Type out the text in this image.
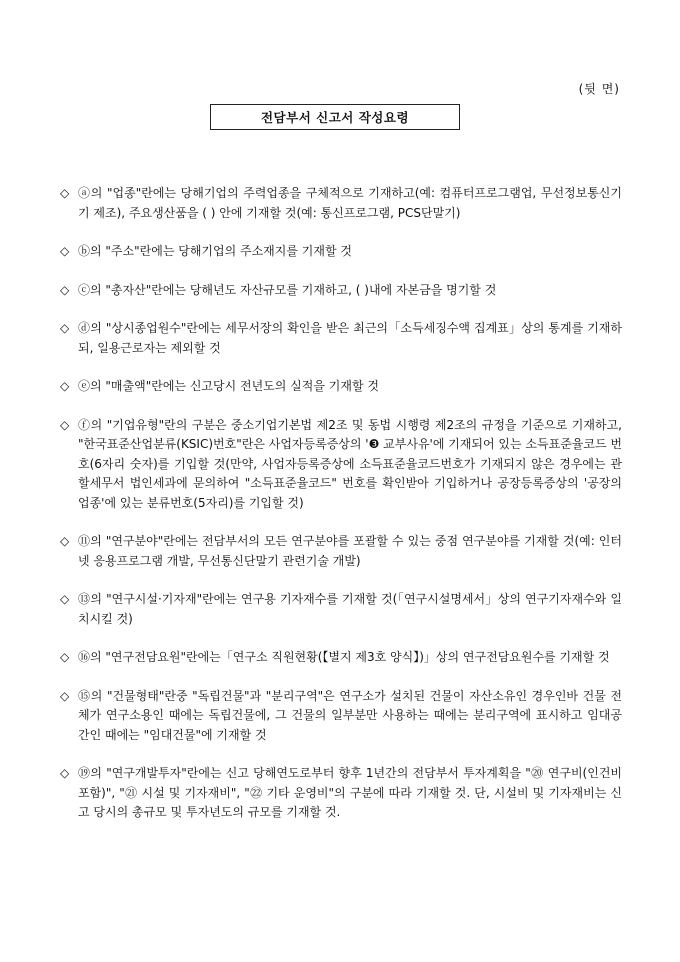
(뒷 면)
전담부서 신고서 작성요령
◇ ⓐ의 "업종"란에는 당해기업의 주력업종을 구체적으로 기재하고(예: 컴퓨터프로그램업, 무선정보통신기기 제조), 주요생산품을 ( ) 안에 기재할 것(예: 통신프로그램, PCS단말기)
◇ ⓑ의 "주소"란에는 당해기업의 주소재지를 기재할 것
◇ ⓒ의 "총자산"란에는 당해년도 자산규모를 기재하고, ( )내에 자본금을 명기할 것
◇ ⓓ의 "상시종업원수"란에는 세무서장의 확인을 받은 최근의「소득세징수액 집계표」상의 통계를 기재하되, 일용근로자는 제외할 것
◇ ⓔ의 "매출액"란에는 신고당시 전년도의 실적을 기재할 것
◇ ⓕ의 "기업유형"란의 구분은 중소기업기본법 제2조 및 동법 시행령 제2조의 규정을 기준으로 기재하고, "한국표준산업분류(KSIC)번호"란은 사업자등록증상의 '❸ 교부사유'에 기재되어 있는 소득표준율코드 번호(6자리 숫자)를 기입할 것(만약, 사업자등록증상에 소득표준율코드번호가 기재되지 않은 경우에는 관할세무서 법인세과에 문의하여 "소득표준율코드" 번호를 확인받아 기입하거나 공장등록증상의 '공장의 업종'에 있는 분류번호(5자리)를 기입할 것)
◇ ⑪의 "연구분야"란에는 전담부서의 모든 연구분야를 포괄할 수 있는 중점 연구분야를 기재할 것(예: 인터넷 응용프로그램 개발, 무선통신단말기 관련기술 개발)
◇ ⑬의 "연구시설·기자재"란에는 연구용 기자재수를 기재할 것(「연구시설명세서」상의 연구기자재수와 일치시킬 것)
◇ ⑯의 "연구전담요원"란에는「연구소 직원현황(【별지 제3호 양식】)」상의 연구전담요원수를 기재할 것
◇ ⑮의 "건물형태"란중 "독립건물"과 "분리구역"은 연구소가 설치된 건물이 자산소유인 경우인바 건물 전체가 연구소용인 때에는 독립건물에, 그 건물의 일부분만 사용하는 때에는 분리구역에 표시하고 임대공간인 때에는 "임대건물"에 기재할 것
◇ ⑲의 "연구개발투자"란에는 신고 당해연도로부터 향후 1년간의 전담부서 투자계획을 "⑳ 연구비(인건비 포함)", "㉑ 시설 및 기자재비", "㉒ 기타 운영비"의 구분에 따라 기재할 것. 단, 시설비 및 기자재비는 신고 당시의 총규모 및 투자년도의 규모를 기재할 것.
